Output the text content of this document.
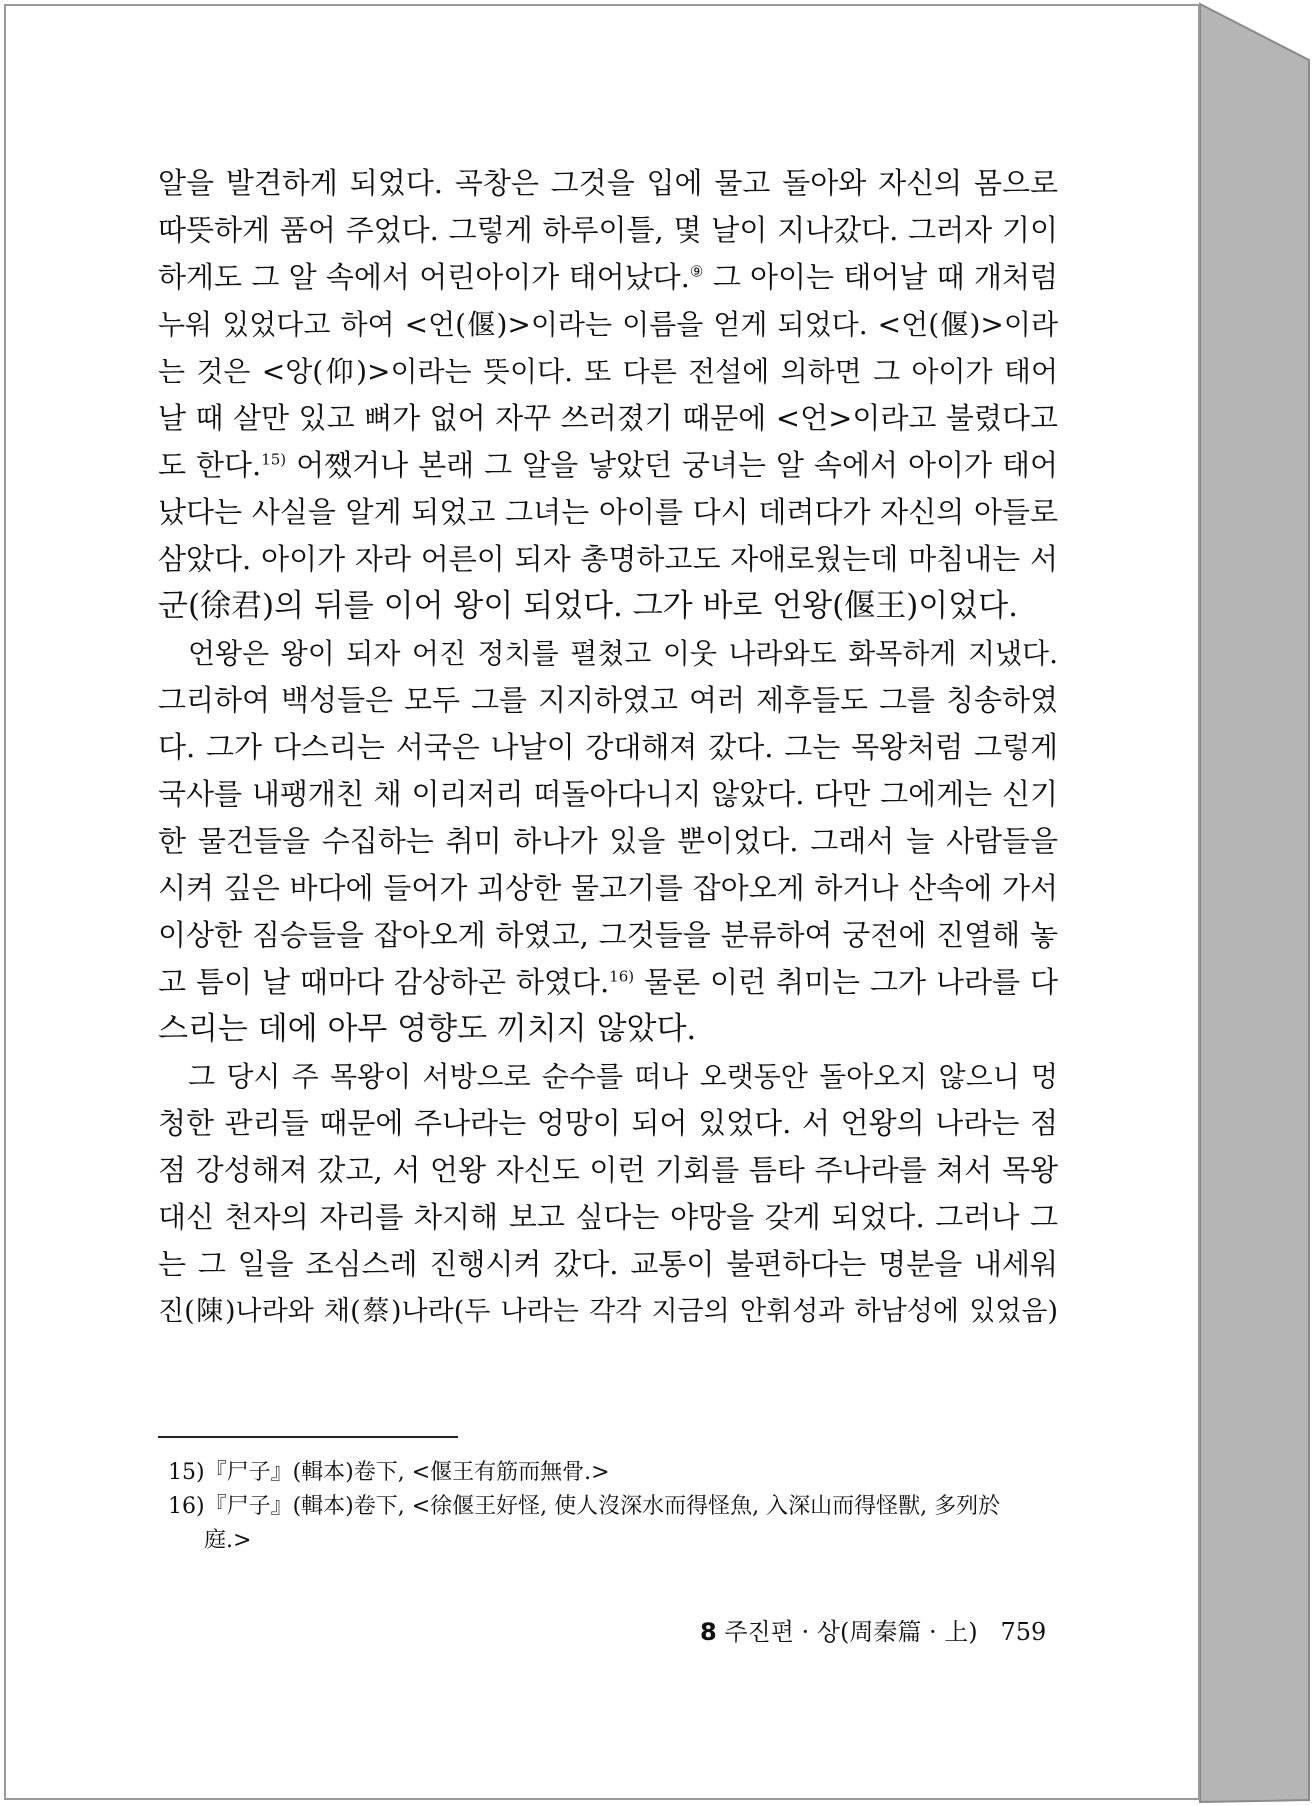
알을 발견하게 되었다. 곡창은 그것을 입에 물고 돌아와 자신의 몸으로
따뜻하게 품어 주었다. 그렇게 하루이틀, 몇 날이 지나갔다. 그러자 기이
하게도 그 알 속에서 어린아이가 태어났다.⑨ 그 아이는 태어날 때 개처럼
누워 있었다고 하여 <언(偃)>이라는 이름을 얻게 되었다. <언(偃)>이라
는 것은 <앙(仰)>이라는 뜻이다. 또 다른 전설에 의하면 그 아이가 태어
날 때 살만 있고 뼈가 없어 자꾸 쓰러졌기 때문에 <언>이라고 불렸다고
도 한다.$^{15)}$ 어쨌거나 본래 그 알을 낳았던 궁녀는 알 속에서 아이가 태어
났다는 사실을 알게 되었고 그녀는 아이를 다시 데려다가 자신의 아들로
삼았다. 아이가 자라 어른이 되자 총명하고도 자애로웠는데 마침내는 서
군(徐君)의 뒤를 이어 왕이 되었다. 그가 바로 언왕(偃王)이었다.
언왕은 왕이 되자 어진 정치를 펼쳤고 이웃 나라와도 화목하게 지냈다.
그리하여 백성들은 모두 그를 지지하였고 여러 제후들도 그를 칭송하였
다. 그가 다스리는 서국은 나날이 강대해져 갔다. 그는 목왕처럼 그렇게
국사를 내팽개친 채 이리저리 떠돌아다니지 않았다. 다만 그에게는 신기
한 물건들을 수집하는 취미 하나가 있을 뿐이었다. 그래서 늘 사람들을
시켜 깊은 바다에 들어가 괴상한 물고기를 잡아오게 하거나 산속에 가서
이상한 짐승들을 잡아오게 하였고, 그것들을 분류하여 궁전에 진열해 놓
고 틈이 날 때마다 감상하곤 하였다.$^{16)}$ 물론 이런 취미는 그가 나라를 다
스리는 데에 아무 영향도 끼치지 않았다.
그 당시 주 목왕이 서방으로 순수를 떠나 오랫동안 돌아오지 않으니 멍
청한 관리들 때문에 주나라는 엉망이 되어 있었다. 서 언왕의 나라는 점
점 강성해져 갔고, 서 언왕 자신도 이런 기회를 틈타 주나라를 쳐서 목왕
대신 천자의 자리를 차지해 보고 싶다는 야망을 갖게 되었다. 그러나 그
는 그 일을 조심스레 진행시켜 갔다. 교통이 불편하다는 명분을 내세워
진(陳)나라와 채(蔡)나라(두 나라는 각각 지금의 안휘성과 하남성에 있었음)
15)『尸子』(輯本)卷下, <偃王有筋而無骨.>
16)『尸子』(輯本)卷下, <徐偃王好怪, 使人沒深水而得怪魚, 入深山而得怪獸, 多列於
庭.>
8 주진편 · 상(周秦篇 · 上) 759
